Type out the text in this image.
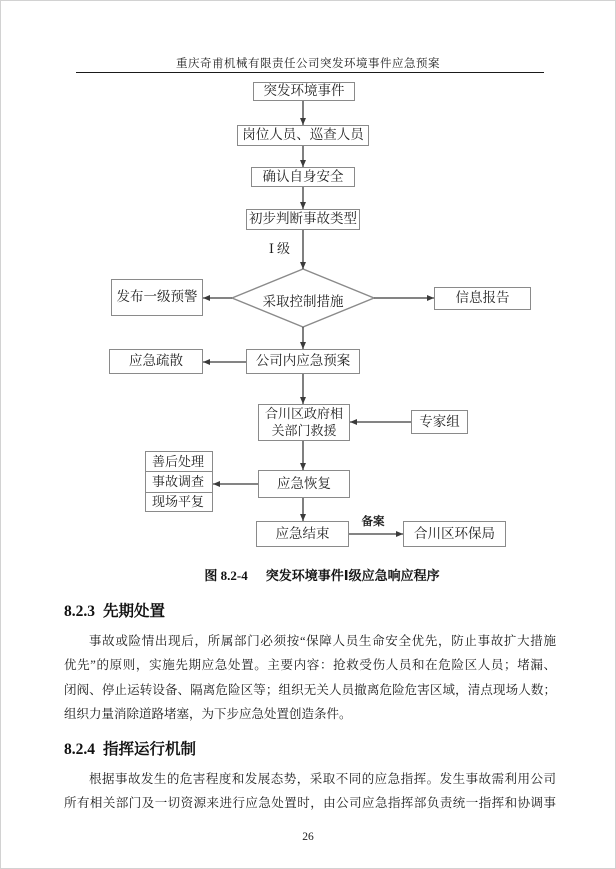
重庆奇甫机械有限责任公司突发环境事件应急预案
突发环境事件
岗位人员、巡查人员
确认自身安全
初步判断事故类型
Ⅰ级
采取控制措施
发布一级预警	信息报告
应急疏散	公司内应急预案
合川区政府相关部门救援
专家组
善后处理
事故调查
现场平复
应急恢复
应急结束
备案
合川区环保局
图 8.2-4 突发环境事件Ⅰ级应急响应程序
8.2.3 先期处置
事故或险情出现后，所属部门必须按“保障人员生命安全优先，防止事故扩大措施
优先”的原则，实施先期应急处置。主要内容：抢救受伤人员和在危险区人员；堵漏、
闭阀、停止运转设备、隔离危险区等；组织无关人员撤离危险危害区域，清点现场人数；
组织力量消除道路堵塞，为下步应急处置创造条件。
8.2.4 指挥运行机制
根据事故发生的危害程度和发展态势，采取不同的应急指挥。发生事故需利用公司
所有相关部门及一切资源来进行应急处置时，由公司应急指挥部负责统一指挥和协调事
26
